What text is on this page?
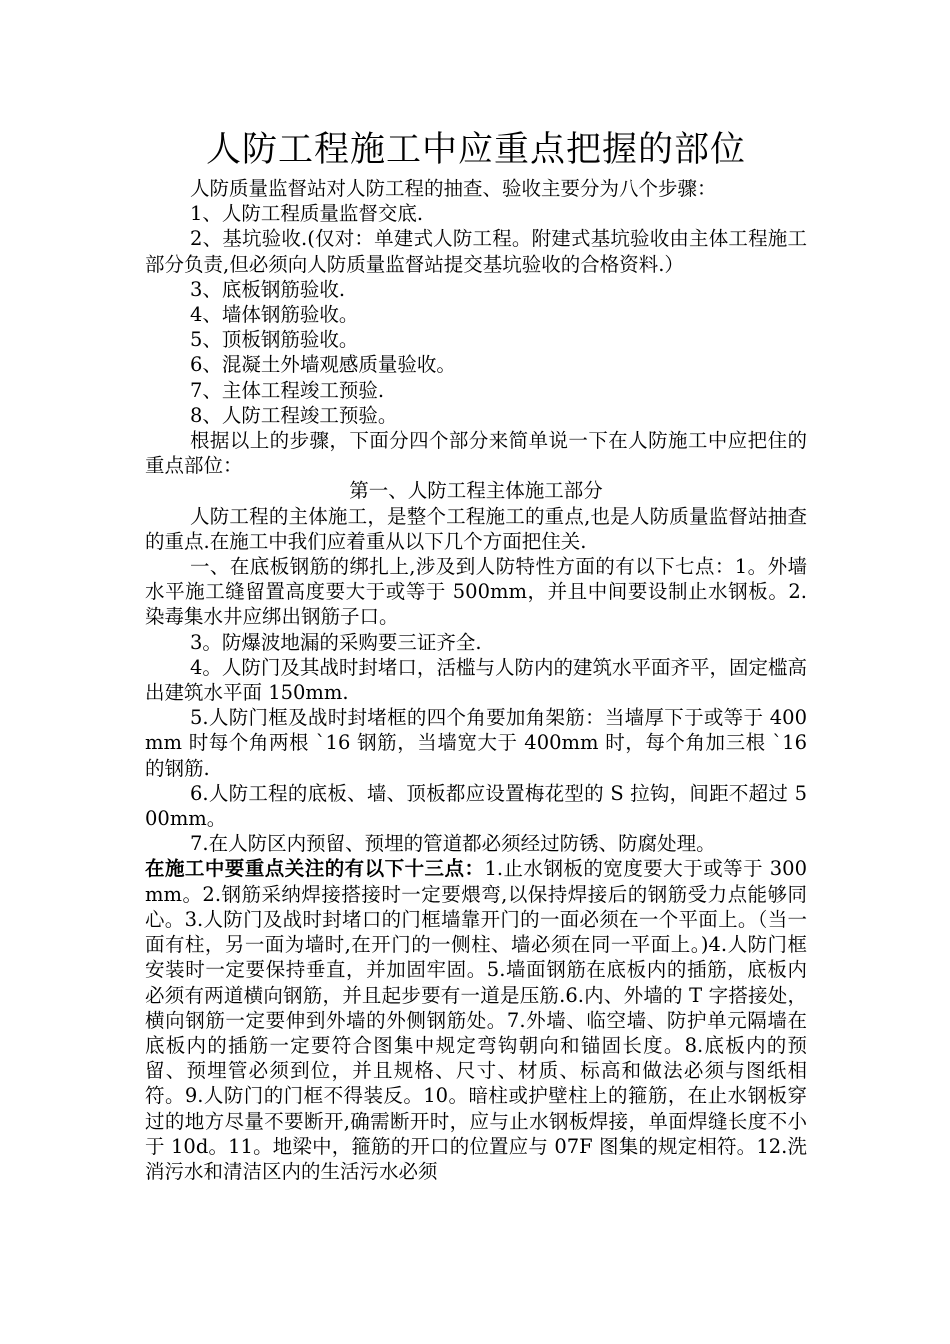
人防工程施工中应重点把握的部位

人防质量监督站对人防工程的抽查、验收主要分为八个步骤：

1、人防工程质量监督交底.

2、基坑验收.(仅对：单建式人防工程。附建式基坑验收由主体工程施工部分负责,但必须向人防质量监督站提交基坑验收的合格资料.）

3、底板钢筋验收.

4、墙体钢筋验收。

5、顶板钢筋验收。

6、混凝土外墙观感质量验收。

7、主体工程竣工预验.

8、人防工程竣工预验。

根据以上的步骤，下面分四个部分来简单说一下在人防施工中应把住的重点部位：

第一、人防工程主体施工部分

人防工程的主体施工，是整个工程施工的重点,也是人防质量监督站抽查的重点.在施工中我们应着重从以下几个方面把住关.

一、在底板钢筋的绑扎上,涉及到人防特性方面的有以下七点：1。外墙水平施工缝留置高度要大于或等于 500mm，并且中间要设制止水钢板。2.染毒集水井应绑出钢筋子口。

3。防爆波地漏的采购要三证齐全.

4。人防门及其战时封堵口，活槛与人防内的建筑水平面齐平，固定槛高出建筑水平面 150mm.

5.人防门框及战时封堵框的四个角要加角架筋：当墙厚下于或等于 400mm 时每个角两根 `16 钢筋，当墙宽大于 400mm 时，每个角加三根 `16 的钢筋.

6.人防工程的底板、墙、顶板都应设置梅花型的 S 拉钩，间距不超过 500mm。

7.在人防区内预留、预埋的管道都必须经过防锈、防腐处理。

在施工中要重点关注的有以下十三点：1.止水钢板的宽度要大于或等于 300mm。2.钢筋采纳焊接搭接时一定要煨弯,以保持焊接后的钢筋受力点能够同心。3.人防门及战时封堵口的门框墙靠开门的一面必须在一个平面上。（当一面有柱，另一面为墙时,在开门的一侧柱、墙必须在同一平面上。)4.人防门框安装时一定要保持垂直，并加固牢固。5.墙面钢筋在底板内的插筋，底板内必须有两道横向钢筋，并且起步要有一道是压筋.6.内、外墙的 T 字搭接处，横向钢筋一定要伸到外墙的外侧钢筋处。7.外墙、临空墙、防护单元隔墙在底板内的插筋一定要符合图集中规定弯钩朝向和锚固长度。8.底板内的预留、预埋管必须到位，并且规格、尺寸、材质、标高和做法必须与图纸相符。9.人防门的门框不得装反。10。暗柱或护壁柱上的箍筋，在止水钢板穿过的地方尽量不要断开,确需断开时，应与止水钢板焊接，单面焊缝长度不小于 10d。11。地梁中，箍筋的开口的位置应与 07F 图集的规定相符。12.洗消污水和清洁区内的生活污水必须
